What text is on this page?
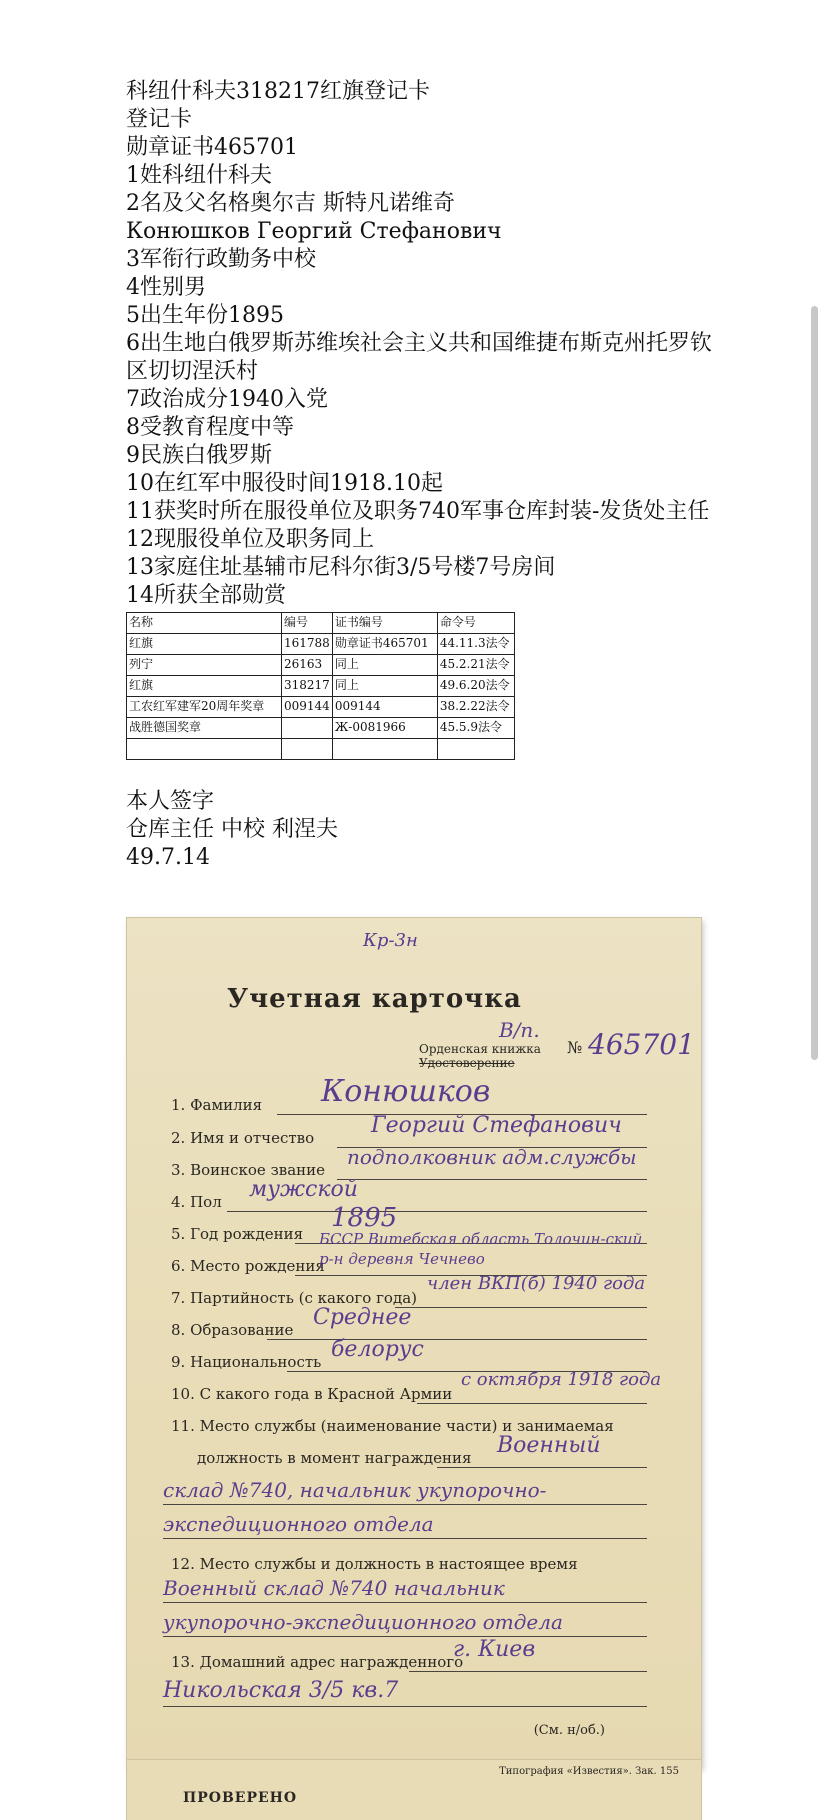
科纽什科夫318217红旗登记卡
登记卡
勋章证书465701
1姓科纽什科夫
2名及父名格奥尔吉 斯特凡诺维奇
Конюшков Георгий Стефанович
3军衔行政勤务中校
4性别男
5出生年份1895
6出生地白俄罗斯苏维埃社会主义共和国维捷布斯克州托罗钦区切切涅沃村
7政治成分1940入党
8受教育程度中等
9民族白俄罗斯
10在红军中服役时间1918.10起
11获奖时所在服役单位及职务740军事仓库封装-发货处主任
12现服役单位及职务同上
13家庭住址基辅市尼科尔街3/5号楼7号房间
14所获全部勋赏
名称	编号	证书编号	命令号
红旗	161788	勋章证书465701	44.11.3法令
列宁	26163	同上	45.2.21法令
红旗	318217	同上	49.6.20法令
工农红军建军20周年奖章	009144	009144	38.2.22法令
战胜德国奖章		Ж-0081966	45.5.9法令

本人签字
仓库主任 中校 利涅夫
49.7.14
Кр-3н
Учетная карточка
В/п.
Орденская книжка
Удостоверение
№ 465701
1. Фамилия Конюшков
2. Имя и отчество	Георгий Стефанович
3. Воинское звание
подполковник адм.службы
4. Пол мужской
5. Год рождения
1895
6. Место рождения
БССР Витебская область Толочин-ский р-н деревня Чечнево
7. Партийность (с какого года)
член ВКП(б) 1940 года
8. Образование Среднее
9. Национальность белорус
10. С какого года в Красной Армии
с октября 1918 года
11. Место службы (наименование части) и занимаемая
должность в момент награждения Военный
склад №740, начальник укупорочно-
экспедиционного отдела
12. Место службы и должность в настоящее время
Военный склад №740 начальник
укупорочно-экспедиционного отдела
13. Домашний адрес награжденного
г. Киев
Никольская 3/5 кв.7
(См. н/об.)
Типография «Известия». Зак. 155
ПРОВЕРЕНО
